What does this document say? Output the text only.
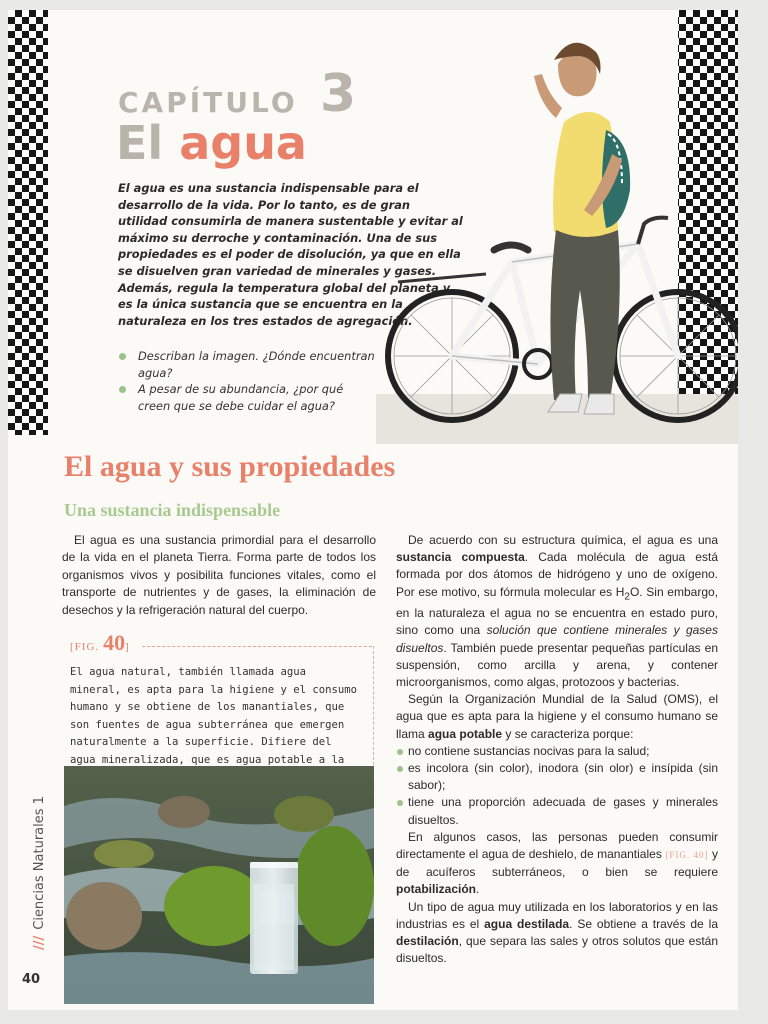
CAPÍTULO 3
El agua

El agua es una sustancia indispensable para el desarrollo de la vida. Por lo tanto, es de gran utilidad consumirla de manera sustentable y evitar al máximo su derroche y contaminación. Una de sus propiedades es el poder de disolución, ya que en ella se disuelven gran variedad de minerales y gases. Además, regula la temperatura global del planeta y es la única sustancia que se encuentra en la naturaleza en los tres estados de agregación.

Describan la imagen. ¿Dónde encuentran agua?
A pesar de su abundancia, ¿por qué creen que se debe cuidar el agua?
El agua y sus propiedades
Una sustancia indispensable

El agua es una sustancia primordial para el desarrollo de la vida en el planeta Tierra. Forma parte de todos los organismos vivos y posibilita funciones vitales, como el transporte de nutrientes y de gases, la eliminación de desechos y la refrigeración natural del cuerpo.

[FIG. 40]

El agua natural, también llamada agua mineral, es apta para la higiene y el consumo humano y se obtiene de los manantiales, que son fuentes de agua subterránea que emergen naturalmente a la superficie. Difiere del agua mineralizada, que es agua potable a la

///Ciencias Naturales 1
40

De acuerdo con su estructura química, el agua es una sustancia compuesta. Cada molécula de agua está formada por dos átomos de hidrógeno y uno de oxígeno. Por ese motivo, su fórmula molecular es $H_2O$. Sin embargo, en la naturaleza el agua no se encuentra en estado puro, sino como una solución que contiene minerales y gases disueltos. También puede presentar pequeñas partículas en suspensión, como arcilla y arena, y contener microorganismos, como algas, protozoos y bacterias.

Según la Organización Mundial de la Salud (OMS), el agua que es apta para la higiene y el consumo humano se llama agua potable y se caracteriza porque:

no contiene sustancias nocivas para la salud;
es incolora (sin color), inodora (sin olor) e insípida (sin sabor);
tiene una proporción adecuada de gases y minerales disueltos.

En algunos casos, las personas pueden consumir directamente el agua de deshielo, de manantiales [FIG. 40] y de acuíferos subterráneos, o bien se requiere potabilización.

Un tipo de agua muy utilizada en los laboratorios y en las industrias es el agua destilada. Se obtiene a través de la destilación, que separa las sales y otros solutos que están disueltos.
